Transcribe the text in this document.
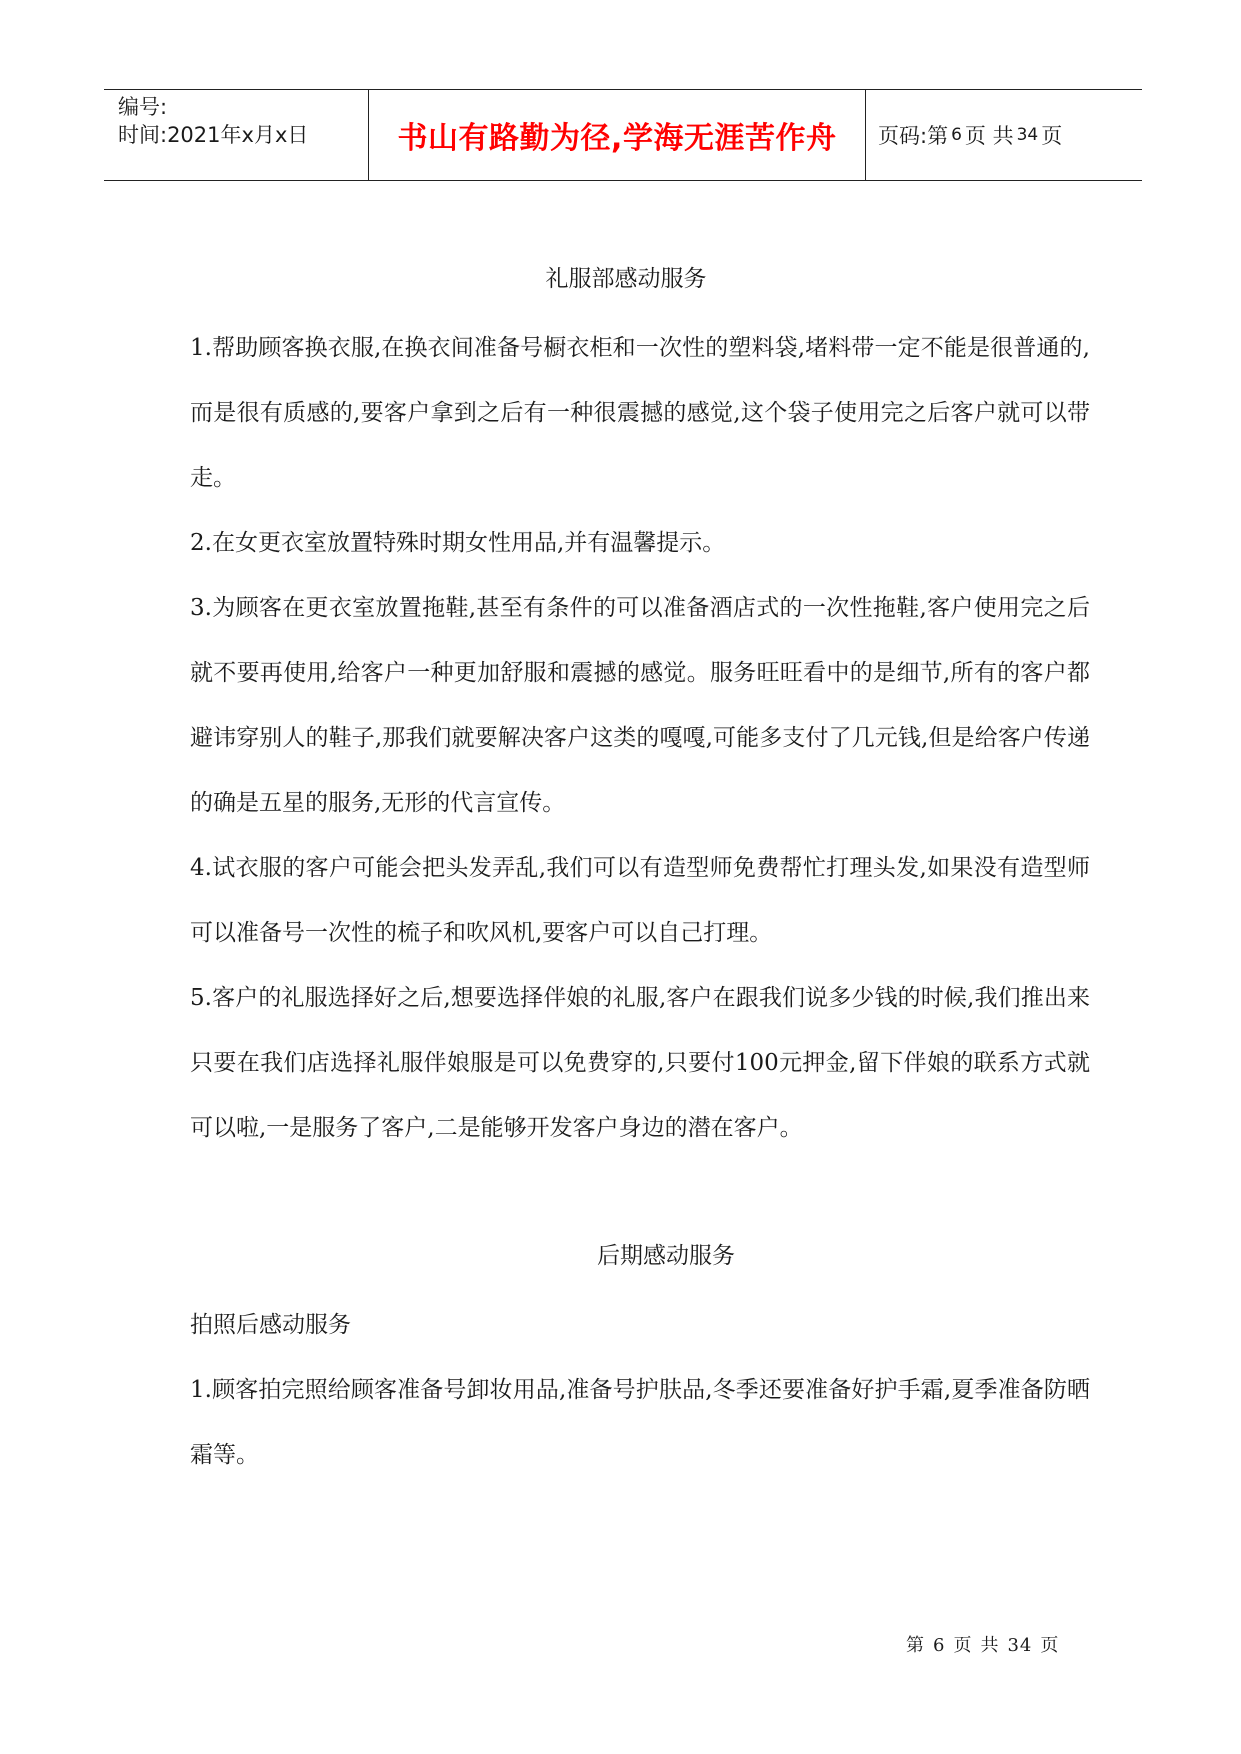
编号:
时间:2021年x月x日	书山有路勤为径,学海无涯苦作舟 页码:第 6 页 共 34 页

礼服部感动服务

1.帮助顾客换衣服,在换衣间准备号橱衣柜和一次性的塑料袋,堵料带一定不能是很普通的,而是很有质感的,要客户拿到之后有一种很震撼的感觉,这个袋子使用完之后客户就可以带走。

2.在女更衣室放置特殊时期女性用品,并有温馨提示。

3.为顾客在更衣室放置拖鞋,甚至有条件的可以准备酒店式的一次性拖鞋,客户使用完之后就不要再使用,给客户一种更加舒服和震撼的感觉。服务旺旺看中的是细节,所有的客户都避讳穿别人的鞋子,那我们就要解决客户这类的嘎嘎,可能多支付了几元钱,但是给客户传递的确是五星的服务,无形的代言宣传。

4.试衣服的客户可能会把头发弄乱,我们可以有造型师免费帮忙打理头发,如果没有造型师可以准备号一次性的梳子和吹风机,要客户可以自己打理。

5.客户的礼服选择好之后,想要选择伴娘的礼服,客户在跟我们说多少钱的时候,我们推出来只要在我们店选择礼服伴娘服是可以免费穿的,只要付100元押金,留下伴娘的联系方式就可以啦,一是服务了客户,二是能够开发客户身边的潜在客户。

后期感动服务

拍照后感动服务

1.顾客拍完照给顾客准备号卸妆用品,准备号护肤品,冬季还要准备好护手霜,夏季准备防晒霜等。

第 6 页 共 34 页
